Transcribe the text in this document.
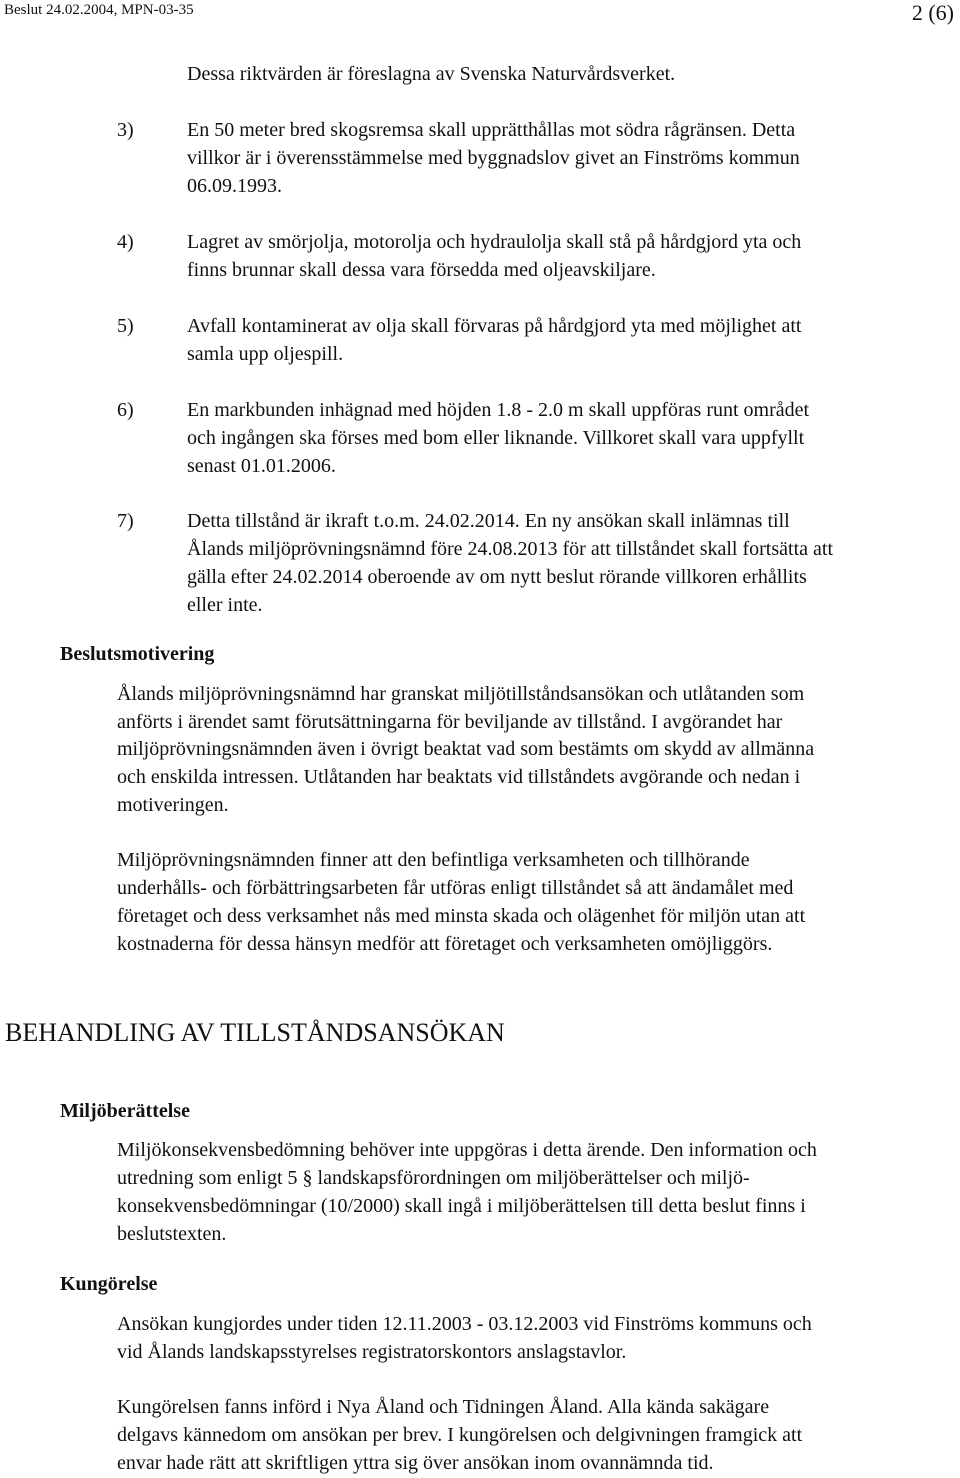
Beslut 24.02.2004, MPN-03-35	2 (6)
Dessa riktvärden är föreslagna av Svenska Naturvårdsverket.
3)	En 50 meter bred skogsremsa skall upprätthållas mot södra rågränsen. Detta
villkor är i överensstämmelse med byggnadslov givet an Finströms kommun
06.09.1993.
4)	Lagret av smörjolja, motorolja och hydraulolja skall stå på hårdgjord yta och
finns brunnar skall dessa vara försedda med oljeavskiljare.
5)	Avfall kontaminerat av olja skall förvaras på hårdgjord yta med möjlighet att
samla upp oljespill.
6)	En markbunden inhägnad med höjden 1.8 - 2.0 m skall uppföras runt området
och ingången ska förses med bom eller liknande. Villkoret skall vara uppfyllt
senast 01.01.2006.
7)	Detta tillstånd är ikraft t.o.m. 24.02.2014. En ny ansökan skall inlämnas till
Ålands miljöprövningsnämnd före 24.08.2013 för att tillståndet skall fortsätta att
gälla efter 24.02.2014 oberoende av om nytt beslut rörande villkoren erhållits
eller inte.
Beslutsmotivering
Ålands miljöprövningsnämnd har granskat miljötillståndsansökan och utlåtanden som
anförts i ärendet samt förutsättningarna för beviljande av tillstånd. I avgörandet har
miljöprövningsnämnden även i övrigt beaktat vad som bestämts om skydd av allmänna
och enskilda intressen. Utlåtanden har beaktats vid tillståndets avgörande och nedan i
motiveringen.
Miljöprövningsnämnden finner att den befintliga verksamheten och tillhörande
underhålls- och förbättringsarbeten får utföras enligt tillståndet så att ändamålet med
företaget och dess verksamhet nås med minsta skada och olägenhet för miljön utan att
kostnaderna för dessa hänsyn medför att företaget och verksamheten omöjliggörs.
BEHANDLING AV TILLSTÅNDSANSÖKAN
Miljöberättelse
Miljökonsekvensbedömning behöver inte uppgöras i detta ärende. Den information och
utredning som enligt 5 § landskapsförordningen om miljöberättelser och miljö-
konsekvensbedömningar (10/2000) skall ingå i miljöberättelsen till detta beslut finns i
beslutstexten.
Kungörelse
Ansökan kungjordes under tiden 12.11.2003 - 03.12.2003 vid Finströms kommuns och
vid Ålands landskapsstyrelses registratorskontors anslagstavlor.
Kungörelsen fanns införd i Nya Åland och Tidningen Åland. Alla kända sakägare
delgavs kännedom om ansökan per brev. I kungörelsen och delgivningen framgick att
envar hade rätt att skriftligen yttra sig över ansökan inom ovannämnda tid.
